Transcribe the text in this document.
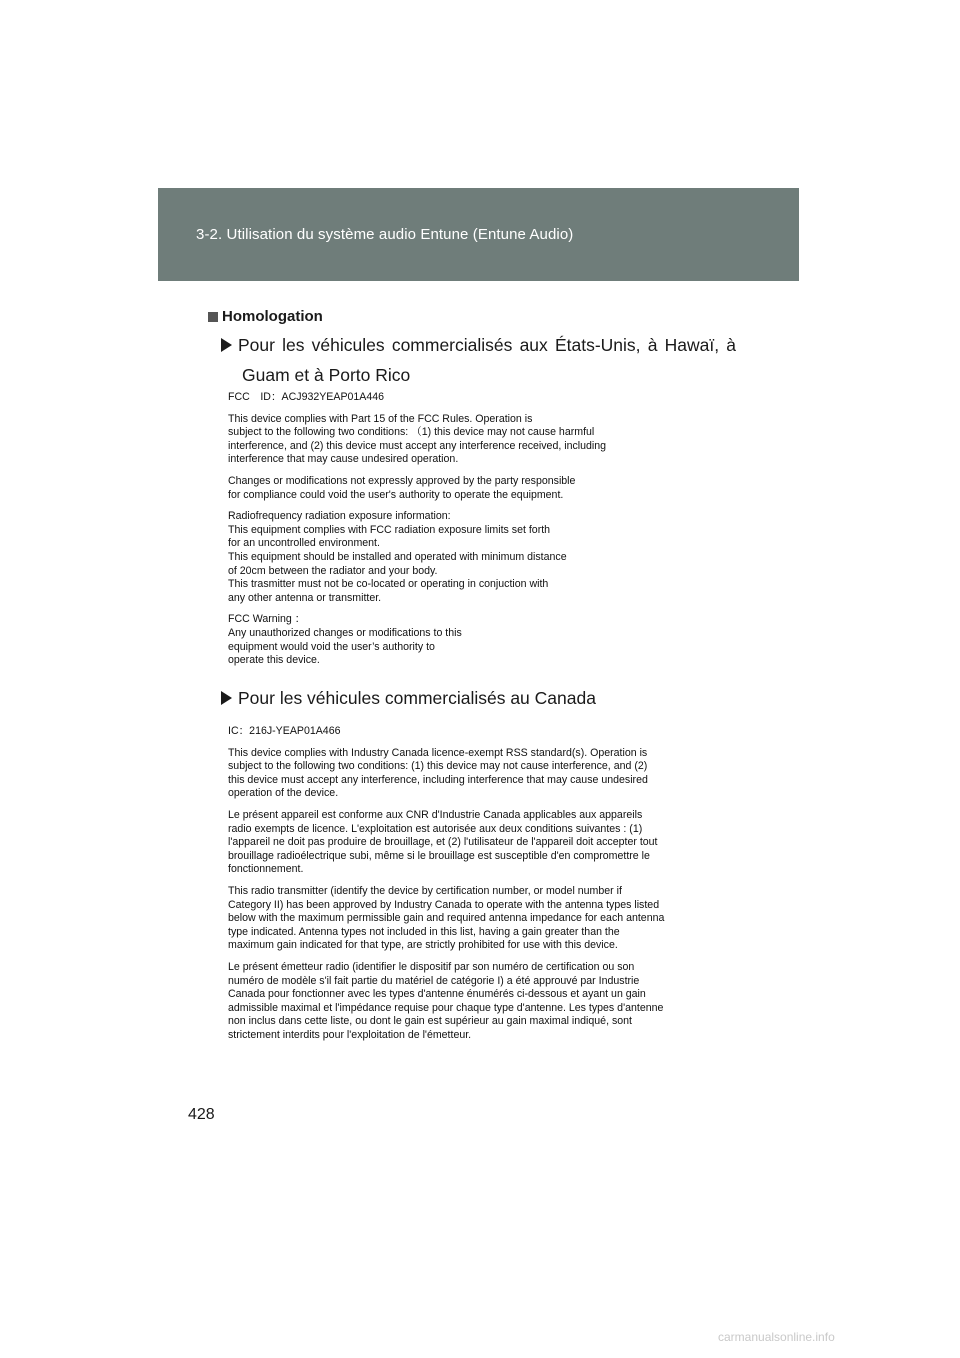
3-2. Utilisation du système audio Entune (Entune Audio)
Homologation
Pour les véhicules commercialisés aux États-Unis, à Hawaï, à
Guam et à Porto Rico

FCC　ID：ACJ932YEAP01A446

This device complies with Part 15 of the FCC Rules. Operation is
subject to the following two conditions: （1) this device may not cause harmful
interference, and (2) this device must accept any interference received, including
interference that may cause undesired operation.

Changes or modifications not expressly approved by the party responsible
for compliance could void the user's authority to operate the equipment.

Radiofrequency radiation exposure information:
This equipment complies with FCC radiation exposure limits set forth
for an uncontrolled environment.
This equipment should be installed and operated with minimum distance
of 20cm between the radiator and your body.
This trasmitter must not be co-located or operating in conjuction with
any other antenna or transmitter.

FCC Warning ：
Any unauthorized changes or modifications to this
equipment would void the user’s authority to
operate this device.

Pour les véhicules commercialisés au Canada

IC：216J-YEAP01A466

This device complies with Industry Canada licence-exempt RSS standard(s). Operation is
subject to the following two conditions: (1) this device may not cause interference, and (2)
this device must accept any interference, including interference that may cause undesired
operation of the device.

Le présent appareil est conforme aux CNR d'Industrie Canada applicables aux appareils
radio exempts de licence. L'exploitation est autorisée aux deux conditions suivantes : (1)
l'appareil ne doit pas produire de brouillage, et (2) l'utilisateur de l'appareil doit accepter tout
brouillage radioélectrique subi, même si le brouillage est susceptible d'en compromettre le
fonctionnement.

This radio transmitter (identify the device by certification number, or model number if
Category II) has been approved by Industry Canada to operate with the antenna types listed
below with the maximum permissible gain and required antenna impedance for each antenna
type indicated. Antenna types not included in this list, having a gain greater than the
maximum gain indicated for that type, are strictly prohibited for use with this device.

Le présent émetteur radio (identifier le dispositif par son numéro de certification ou son
numéro de modèle s'il fait partie du matériel de catégorie I) a été approuvé par Industrie
Canada pour fonctionner avec les types d'antenne énumérés ci-dessous et ayant un gain
admissible maximal et l'impédance requise pour chaque type d'antenne. Les types d'antenne
non inclus dans cette liste, ou dont le gain est supérieur au gain maximal indiqué, sont
strictement interdits pour l'exploitation de l'émetteur.

428
carmanualsonline.info
